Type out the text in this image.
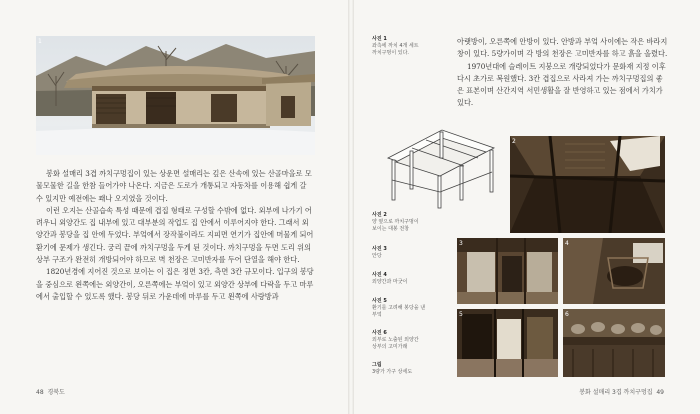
1

봉화 설매리 3겹 까치구멍집이 있는 상운면 설매리는 깊은 산속에 있는 산골마을로 모물모물한 길을 한참 들어가야 나온다. 지금은 도로가 개통되고 자동차를 이용해 쉽게 갈 수 있지만 예전에는 꽤나 오지였을 것이다.

이런 오지는 산골습속 특성 때문에 겹집 형태로 구성할 수밖에 없다. 외부에 나가기 어려우니 외양간도 집 내부에 있고 대부분의 작업도 집 안에서 이루어지야 한다. 그래서 외양간과 봉당을 집 안에 두었다. 부엌에서 장작불이라도 지피면 연기가 집안에 머물게 되어 환기에 문제가 생긴다. 궁리 끝에 까치구멍을 두게 된 것이다. 까치구멍을 두면 도리 위의 상부 구조가 완전히 개방되어야 하므로 벽 천장은 고미반자를 두어 단열을 해야 한다.

1820년경에 지어진 것으로 보이는 이 집은 정면 3칸, 측면 3칸 규모이다. 입구의 봉당을 중심으로 왼쪽에는 외양간이, 오른쪽에는 부엌이 있고 외양간 상부에 다락을 두고 마루에서 출입할 수 있도록 했다. 봉당 뒤로 가운데에 마루를 두고 왼쪽에 사랑방과

48 경북도
사진 1
좌측에 까치 4개 세트
까치구멍이 있다.
사진 2
양 옆으로 까치구멍이
보이는 대봉 전창
사진 3
안당
사진 4
외양간과 마굿이
사진 5
환기를 고려해 봉당을 낸
부엌
사진 6
외부로 노출된 외양간
상부의 고미가래
그림
3량가 가구 상세도

아랫방이, 오른쪽에 안방이 있다. 안방과 부엌 사이에는 작은 바라지창이 있다. 5량가이며 각 방의 천장은 고미반자를 하고 흙을 올렸다.

1970년대에 슬레이트 지붕으로 개량되었다가 문화재 지정 이후 다시 초가로 복원했다. 3칸 겹집으로 사라져 가는 까치구멍집의 좋은 표본이며 산간지역 서민생활을 잘 반영하고 있는 점에서 가치가 있다.

2
3	4
5	6
봉화 설매리 3겹 까치구멍집 49
